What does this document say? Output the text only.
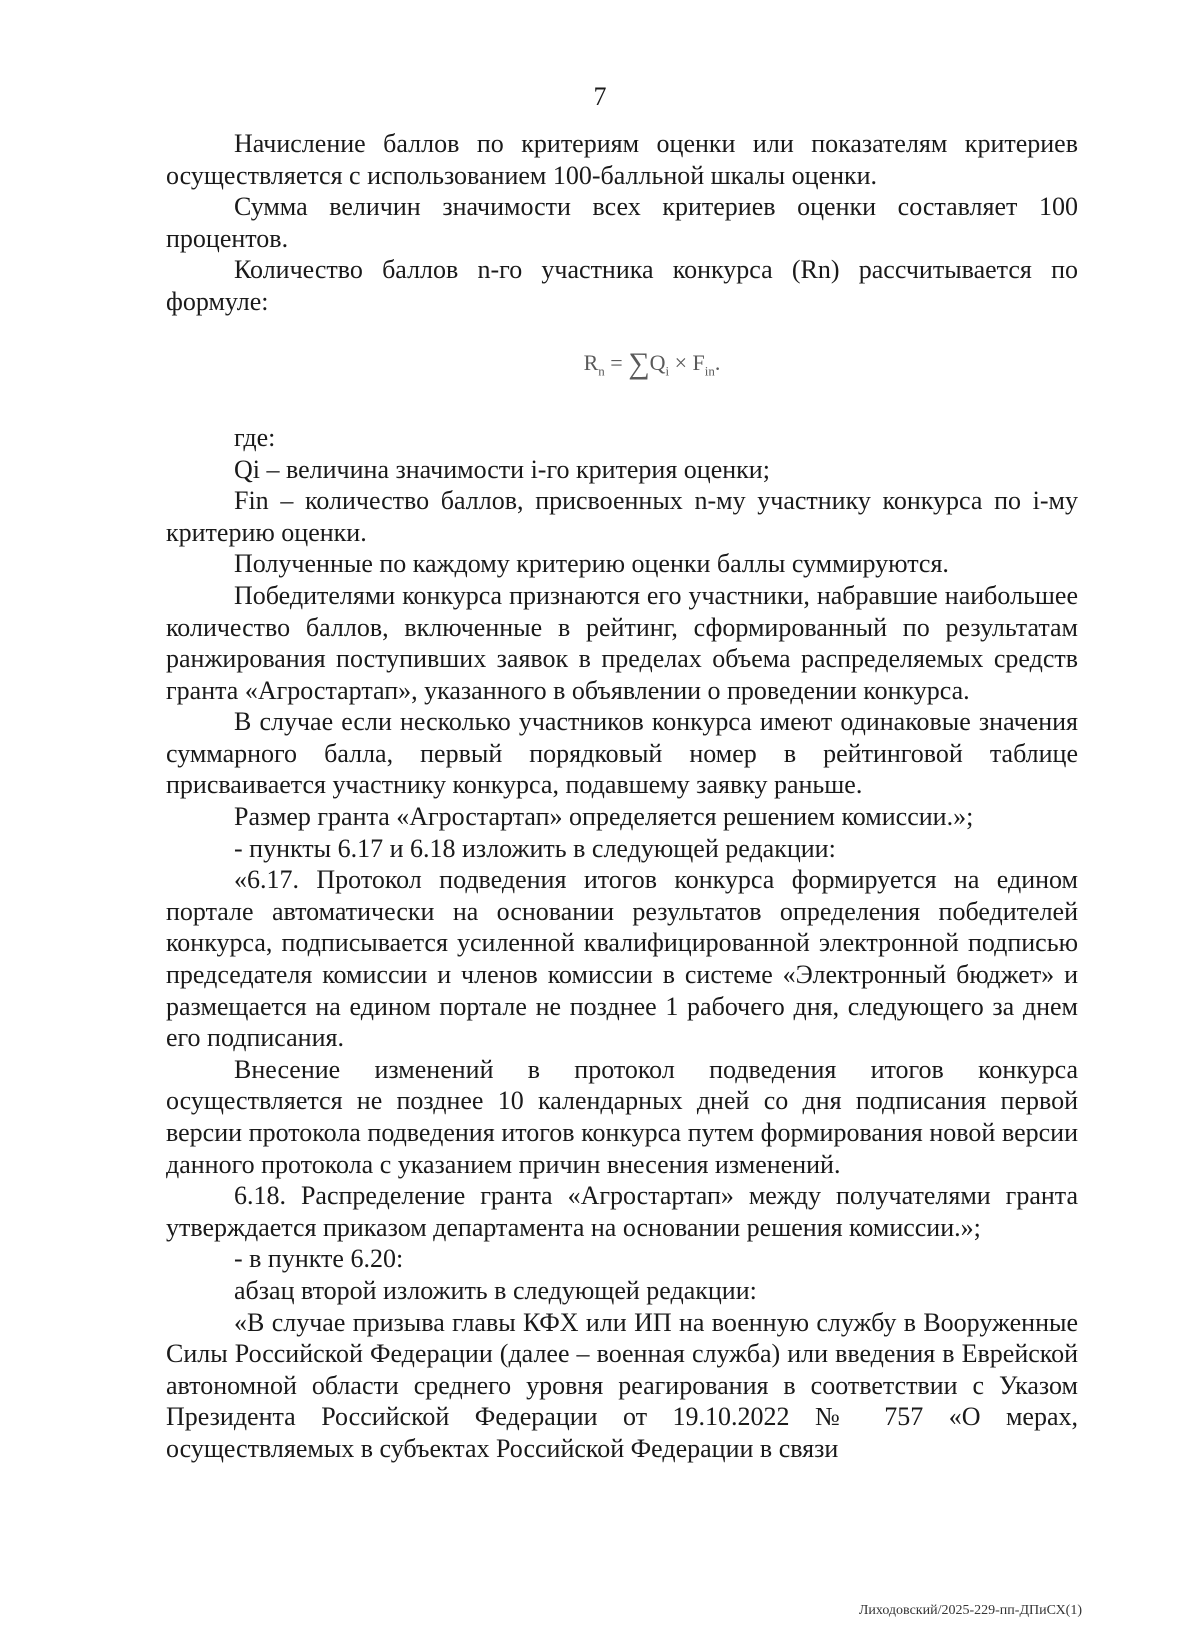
7

Начисление баллов по критериям оценки или показателям критериев осуществляется с использованием 100-балльной шкалы оценки.

Сумма величин значимости всех критериев оценки составляет 100 процентов.

Количество баллов n-го участника конкурса (Rn) рассчитывается по формуле:

$R_n = \sum Q_i \times F_{in}$.

где:

Qi – величина значимости i-го критерия оценки;

Fin – количество баллов, присвоенных n-му участнику конкурса по i-му критерию оценки.

Полученные по каждому критерию оценки баллы суммируются.

Победителями конкурса признаются его участники, набравшие наибольшее количество баллов, включенные в рейтинг, сформированный по результатам ранжирования поступивших заявок в пределах объема распределяемых средств гранта «Агростартап», указанного в объявлении о проведении конкурса.

В случае если несколько участников конкурса имеют одинаковые значения суммарного балла, первый порядковый номер в рейтинговой таблице присваивается участнику конкурса, подавшему заявку раньше.

Размер гранта «Агростартап» определяется решением комиссии.»;

- пункты 6.17 и 6.18 изложить в следующей редакции:

«6.17. Протокол подведения итогов конкурса формируется на едином портале автоматически на основании результатов определения победителей конкурса, подписывается усиленной квалифицированной электронной подписью председателя комиссии и членов комиссии в системе «Электронный бюджет» и размещается на едином портале не позднее 1 рабочего дня, следующего за днем его подписания.

Внесение изменений в протокол подведения итогов конкурса осуществляется не позднее 10 календарных дней со дня подписания первой версии протокола подведения итогов конкурса путем формирования новой версии данного протокола с указанием причин внесения изменений.

6.18. Распределение гранта «Агростартап» между получателями гранта утверждается приказом департамента на основании решения комиссии.»;

- в пункте 6.20:

абзац второй изложить в следующей редакции:

«В случае призыва главы КФХ или ИП на военную службу в Вооруженные Силы Российской Федерации (далее – военная служба) или введения в Еврейской автономной области среднего уровня реагирования в соответствии с Указом Президента Российской Федерации от 19.10.2022 № 757 «О мерах, осуществляемых в субъектах Российской Федерации в связи

Лиходовский/2025-229-пп-ДПиСХ(1)
